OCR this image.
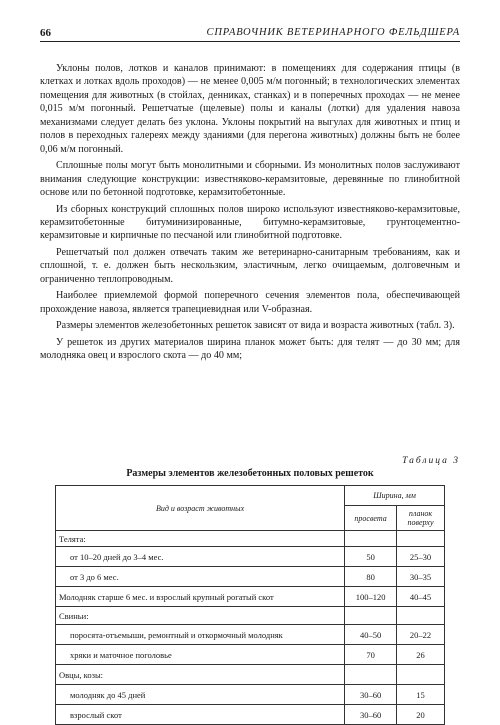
66	СПРАВОЧНИК ВЕТЕРИНАРНОГО ФЕЛЬДШЕРА

Уклоны полов, лотков и каналов принимают: в помещениях для содержания птицы (в клетках и лотках вдоль проходов) — не менее 0,005 м/м погонный; в технологических элементах помещения для животных (в стойлах, денниках, станках) и в поперечных проходах — не менее 0,015 м/м погонный. Решетчатые (щелевые) полы и каналы (лотки) для удаления навоза механизмами следует делать без уклона. Уклоны покрытий на выгулах для животных и птиц и полов в переходных галереях между зданиями (для перегона животных) должны быть не более 0,06 м/м погонный.

Сплошные полы могут быть монолитными и сборными. Из монолитных полов заслуживают внимания следующие конструкции: известняково-керамзитовые, деревянные по глинобитной основе или по бетонной подготовке, керамзитобетонные.

Из сборных конструкций сплошных полов широко используют известняково-керамзитовые, керамзитобетонные битуминизированные, битумно-керамзитовые, грунтоцементно-керамзитовые и кирпичные по песчаной или глинобитной подготовке.

Решетчатый пол должен отвечать таким же ветеринарно-санитарным требованиям, как и сплошной, т. е. должен быть нескользким, эластичным, легко очищаемым, долговечным и ограниченно теплопроводным.

Наиболее приемлемой формой поперечного сечения элементов пола, обеспечивающей прохождение навоза, является трапециевидная или V-образная.

Размеры элементов железобетонных решеток зависят от вида и возраста животных (табл. 3).

У решеток из других материалов ширина планок может быть: для телят — до 30 мм; для молодняка овец и взрослого скота — до 40 мм;

Таблица 3
Размеры элементов железобетонных половых решеток
Вид и возраст животных	Ширина, мм	
	просвета	планок поверху
Телята:		
от 10–20 дней до 3–4 мес.	50	25–30
от 3 до 6 мес.	80	30–35
Молодняк старше 6 мес. и взрослый крупный рогатый скот	100–120	40–45
Свиньи:		
поросята-отъемыши, ремонтный и откормочный молодняк	40–50	20–22
хряки и маточное поголовье	70	26
Овцы, козы:		
молодняк до 45 дней	30–60	15
взрослый скот	30–60	20
